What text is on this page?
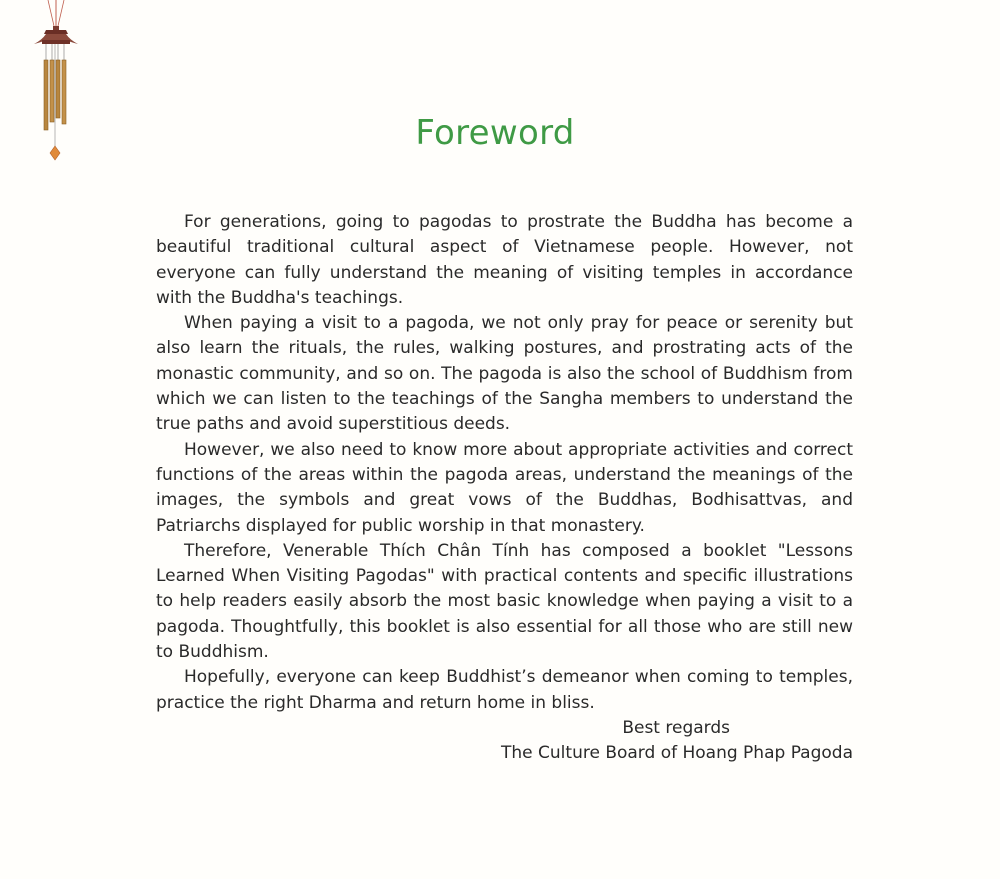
Foreword

For generations, going to pagodas to prostrate the Buddha has become a beautiful traditional cultural aspect of Vietnamese people. However, not everyone can fully understand the meaning of visiting temples in accordance with the Buddha's teachings.

When paying a visit to a pagoda, we not only pray for peace or serenity but also learn the rituals, the rules, walking postures, and prostrating acts of the monastic community, and so on. The pagoda is also the school of Buddhism from which we can listen to the teachings of the Sangha members to understand the true paths and avoid superstitious deeds.

However, we also need to know more about appropriate activities and correct functions of the areas within the pagoda areas, understand the meanings of the images, the symbols and great vows of the Buddhas, Bodhisattvas, and Patriarchs displayed for public worship in that monastery.

Therefore, Venerable Thích Chân Tính has composed a booklet "Lessons Learned When Visiting Pagodas" with practical contents and specific illustrations to help readers easily absorb the most basic knowledge when paying a visit to a pagoda. Thoughtfully, this booklet is also essential for all those who are still new to Buddhism.

Hopefully, everyone can keep Buddhist’s demeanor when coming to temples, practice the right Dharma and return home in bliss.

Best regards
The Culture Board of Hoang Phap Pagoda
